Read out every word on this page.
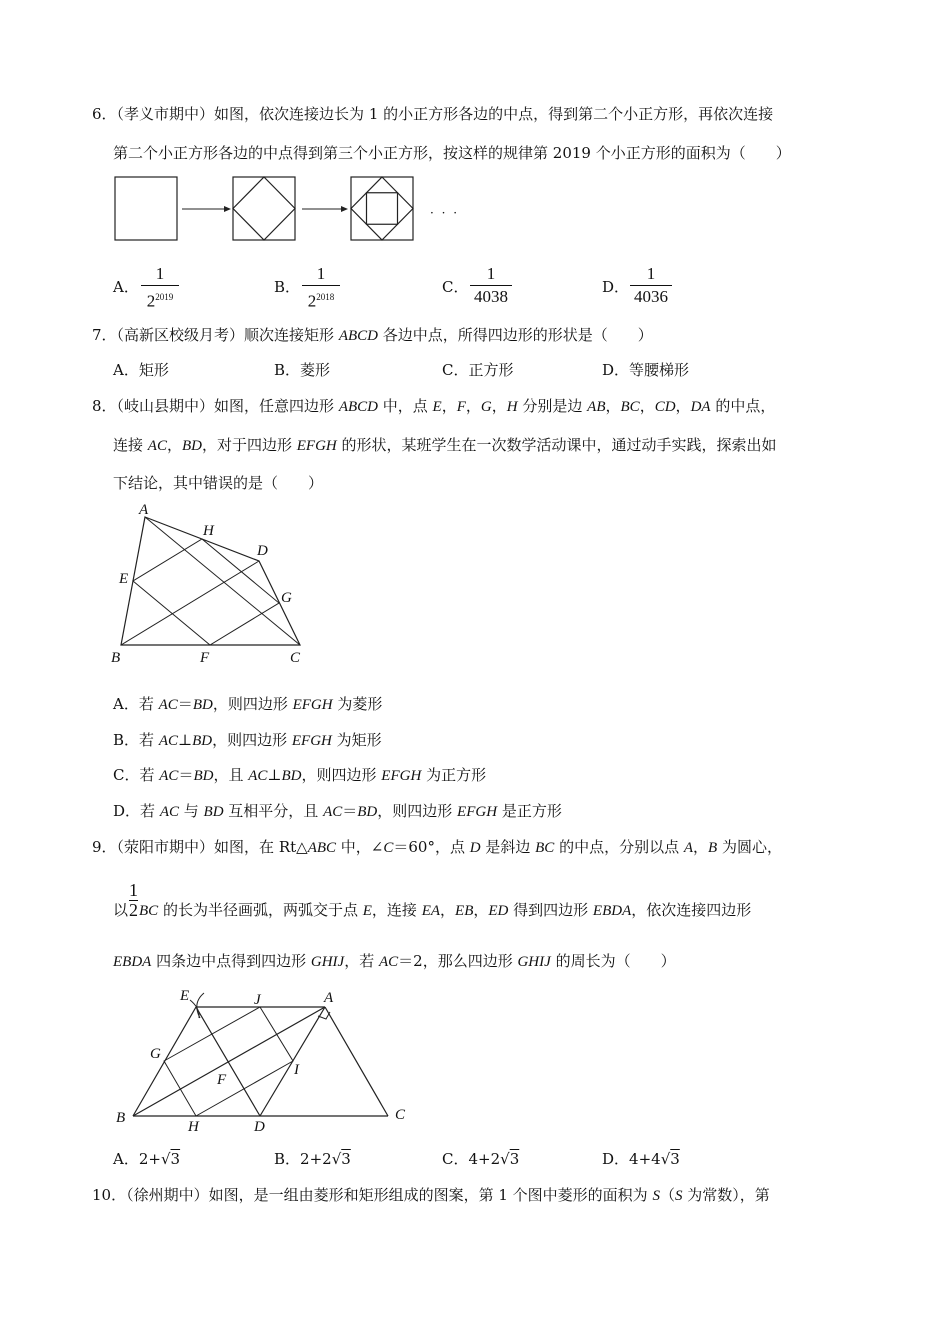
6．（孝义市期中）如图，依次连接边长为 1 的小正方形各边的中点，得到第二个小正方形，再依次连接
第二个小正方形各边的中点得到第三个小正方形，按这样的规律第 2019 个小正方形的面积为（　　）
· · ·
A．
1
$2^{2019}$
B．
1
$2^{2018}$
C．
1
4038	D．
1
4036
7．（高新区校级月考）顺次连接矩形 ABCD 各边中点，所得四边形的形状是（　　）
A．矩形	B．菱形	C．正方形	D．等腰梯形
8．（岐山县期中）如图，任意四边形 ABCD 中，点 E，F，G，H 分别是边 AB，BC，CD，DA 的中点，
连接 AC，BD，对于四边形 EFGH 的形状，某班学生在一次数学活动课中，通过动手实践，探索出如
下结论，其中错误的是（　　）
A
H
D
E
G
B	F	C
A．若 AC＝BD，则四边形 EFGH 为菱形
B．若 AC⊥BD，则四边形 EFGH 为矩形
C．若 AC＝BD，且 AC⊥BD，则四边形 EFGH 为正方形
D．若 AC 与 BD 互相平分，且 AC＝BD，则四边形 EFGH 是正方形
9．（荥阳市期中）如图，在 Rt△ABC 中，∠C＝60°，点 D 是斜边 BC 的中点，分别以点 A，B 为圆心，
以 $\frac{1}{2}$ BC 的长为半径画弧，两弧交于点 E，连接 EA，EB，ED 得到四边形 EBDA，依次连接四边形
EBDA 四条边中点得到四边形 GHIJ，若 AC＝2，那么四边形 GHIJ 的周长为（　　）
E	J	A
G
F
I
B
H	D
C
A．2+√3	B．2+2√3	C．4+2√3	D．4+4√3
10．（徐州期中）如图，是一组由菱形和矩形组成的图案，第 1 个图中菱形的面积为 S（S 为常数），第
